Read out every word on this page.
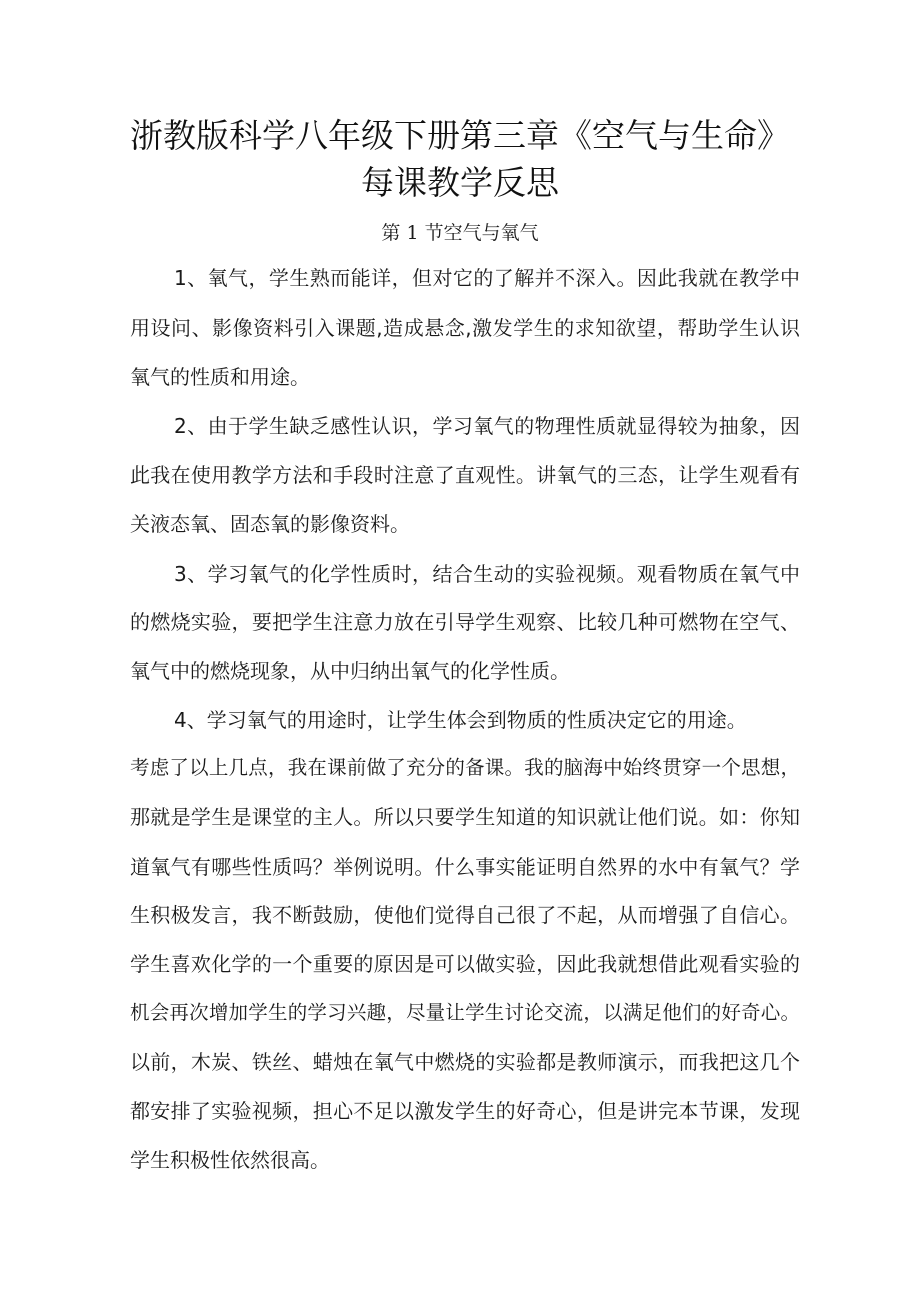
浙教版科学八年级下册第三章《空气与生命》
每课教学反思
第 1 节空气与氧气
1、氧气，学生熟而能详，但对它的了解并不深入。因此我就在教学中
用设问、影像资料引入课题,造成悬念,激发学生的求知欲望，帮助学生认识
氧气的性质和用途。
2、由于学生缺乏感性认识，学习氧气的物理性质就显得较为抽象，因
此我在使用教学方法和手段时注意了直观性。讲氧气的三态，让学生观看有
关液态氧、固态氧的影像资料。
3、学习氧气的化学性质时，结合生动的实验视频。观看物质在氧气中
的燃烧实验，要把学生注意力放在引导学生观察、比较几种可燃物在空气、
氧气中的燃烧现象，从中归纳出氧气的化学性质。
4、学习氧气的用途时，让学生体会到物质的性质决定它的用途。
考虑了以上几点，我在课前做了充分的备课。我的脑海中始终贯穿一个思想，
那就是学生是课堂的主人。所以只要学生知道的知识就让他们说。如：你知
道氧气有哪些性质吗？举例说明。什么事实能证明自然界的水中有氧气？学
生积极发言，我不断鼓励，使他们觉得自己很了不起，从而增强了自信心。
学生喜欢化学的一个重要的原因是可以做实验，因此我就想借此观看实验的
机会再次增加学生的学习兴趣，尽量让学生讨论交流，以满足他们的好奇心。
以前，木炭、铁丝、蜡烛在氧气中燃烧的实验都是教师演示，而我把这几个
都安排了实验视频，担心不足以激发学生的好奇心，但是讲完本节课，发现
学生积极性依然很高。
